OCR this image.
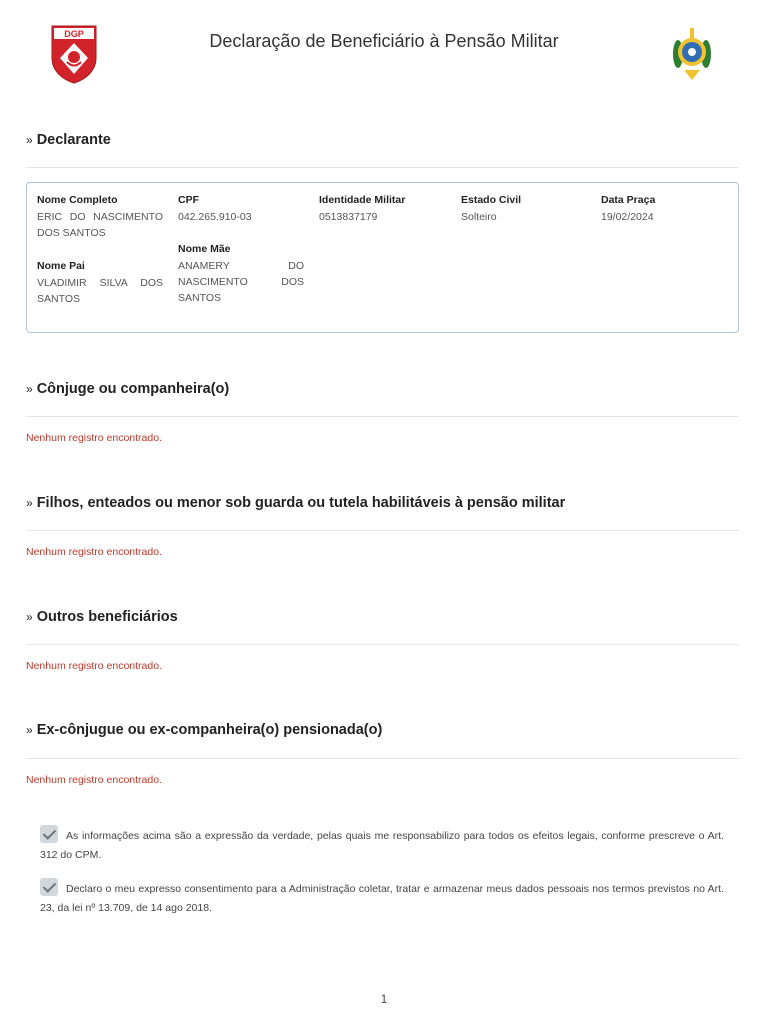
DGP	Declaração de Beneficiário à Pensão Militar
» Declarante
Nome Completo
ERIC DO NASCIMENTO DOS SANTOS
CPF
042.265.910-03
Identidade Militar
0513837179
Estado Civil
Solteiro
Data Praça
19/02/2024
Nome Mãe
ANAMERY DO NASCIMENTO DOS SANTOS
Nome Pai
VLADIMIR SILVA DOS SANTOS
» Cônjuge ou companheira(o)
Nenhum registro encontrado.
» Filhos, enteados ou menor sob guarda ou tutela habilitáveis à pensão militar
Nenhum registro encontrado.
» Outros beneficiários
Nenhum registro encontrado.
» Ex-cônjugue ou ex-companheira(o) pensionada(o)
Nenhum registro encontrado.
As informações acima são a expressão da verdade, pelas quais me responsabilizo para todos os efeitos legais, conforme prescreve o Art. 312 do CPM.
Declaro o meu expresso consentimento para a Administração coletar, tratar e armazenar meus dados pessoais nos termos previstos no Art. 23, da lei nº 13.709, de 14 ago 2018.
1
